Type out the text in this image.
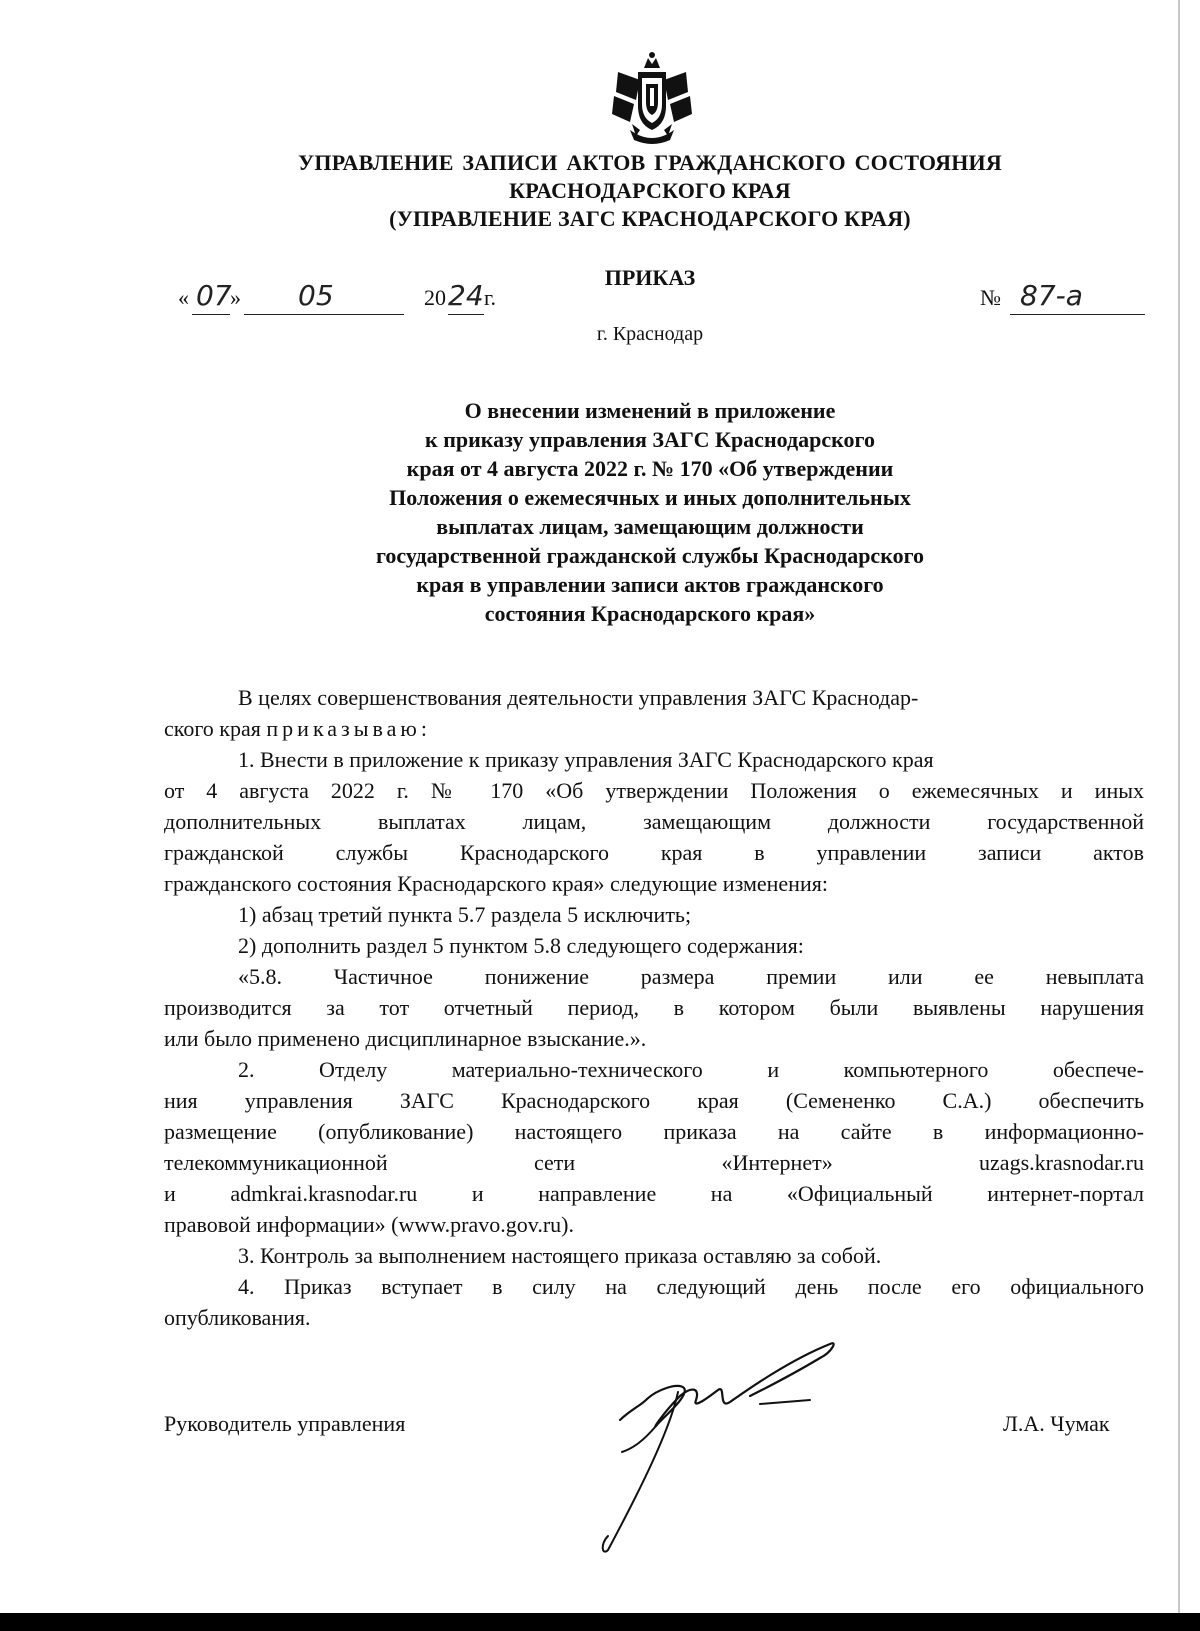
УПРАВЛЕНИЕ ЗАПИСИ АКТОВ ГРАЖДАНСКОГО СОСТОЯНИЯ
КРАСНОДАРСКОГО КРАЯ
(УПРАВЛЕНИЕ ЗАГС КРАСНОДАРСКОГО КРАЯ)
ПРИКАЗ
« 07
» 05	20 24 г.	№ 87-а
г. Краснодар
О внесении изменений в приложение
к приказу управления ЗАГС Краснодарского
края от 4 августа 2022 г. № 170 «Об утверждении
Положения о ежемесячных и иных дополнительных
выплатах лицам, замещающим должности
государственной гражданской службы Краснодарского
края в управлении записи актов гражданского
состояния Краснодарского края»
В целях совершенствования деятельности управления ЗАГС Краснодар-
ского края приказываю:
1. Внести в приложение к приказу управления ЗАГС Краснодарского края
от 4 августа 2022 г. № 170 «Об утверждении Положения о ежемесячных и иных
дополнительных выплатах лицам, замещающим должности государственной
гражданской службы Краснодарского края в управлении записи актов
гражданского состояния Краснодарского края» следующие изменения:
1) абзац третий пункта 5.7 раздела 5 исключить;
2) дополнить раздел 5 пунктом 5.8 следующего содержания:
«5.8. Частичное понижение размера премии или ее невыплата
производится за тот отчетный период, в котором были выявлены нарушения
или было применено дисциплинарное взыскание.».
2. Отделу материально-технического и компьютерного обеспече-
ния управления ЗАГС Краснодарского края (Семененко С.А.) обеспечить
размещение (опубликование) настоящего приказа на сайте в информационно-
телекоммуникационной сети «Интернет» uzags.krasnodar.ru
и admkrai.krasnodar.ru и направление на «Официальный интернет-портал
правовой информации» (www.pravo.gov.ru).
3. Контроль за выполнением настоящего приказа оставляю за собой.
4. Приказ вступает в силу на следующий день после его официального
опубликования.
Руководитель управления	Л.А. Чумак
